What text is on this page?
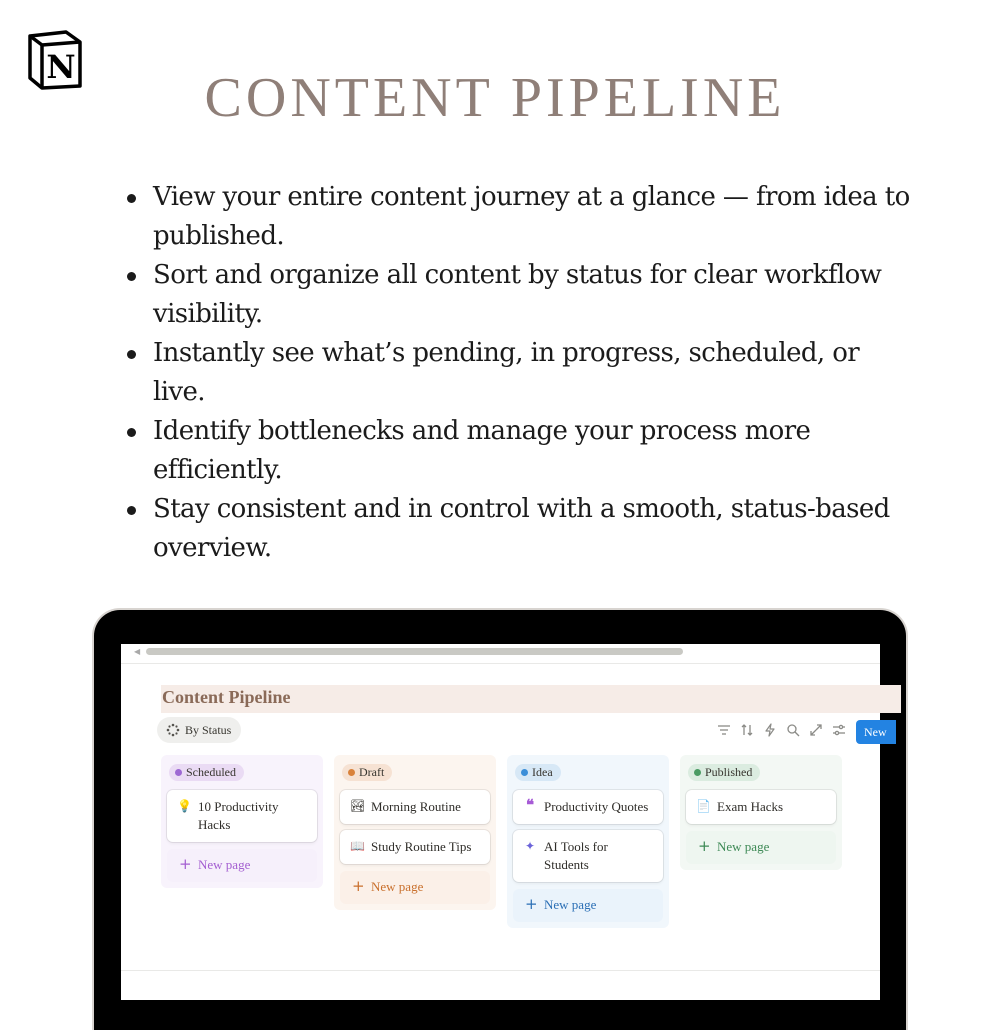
N	CONTENT PIPELINE
View your entire content journey at a glance — from idea to published.
Sort and organize all content by status for clear workflow visibility.
Instantly see what’s pending, in progress, scheduled, or live.
Identify bottlenecks and manage your process more efficiently.
Stay consistent and in control with a smooth, status-based overview.
◀
Content Pipeline
By Status	New
Scheduled
💡 10 Productivity Hacks
+ New page
Draft
🏞 Morning Routine
📖 Study Routine Tips
+ New page
Idea
❝ Productivity Quotes
✦ AI Tools for Students
+ New page
Published
📄 Exam Hacks
+ New page
